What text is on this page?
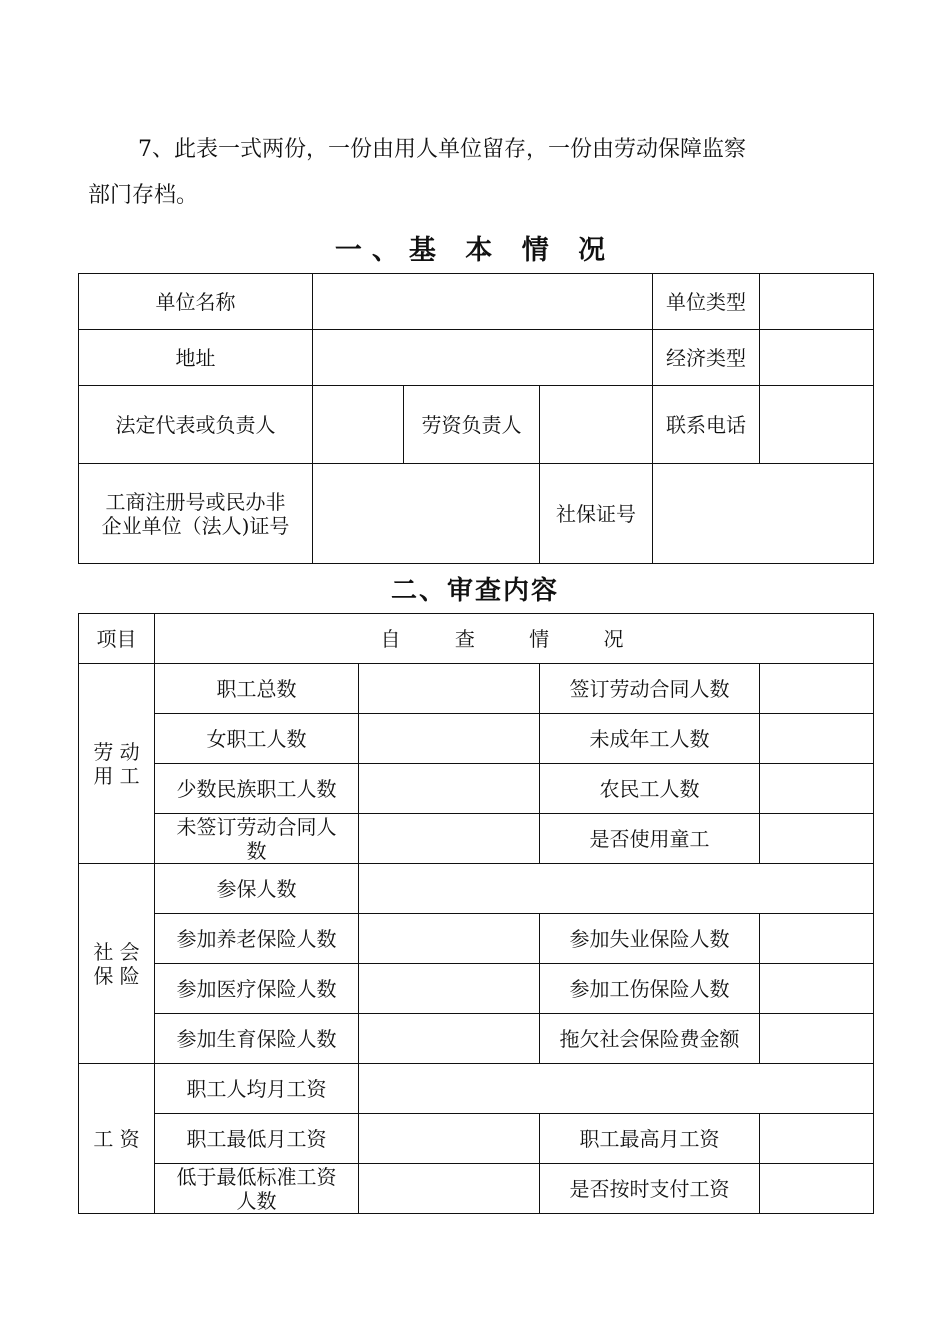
7、此表一式两份，一份由用人单位留存，一份由劳动保障监察
部门存档。
一、基 本 情 况
单位名称				单位类型	
地址				经济类型	
法定代表或负责人		劳资负责人		联系电话	

工商注册号或民办非
企业单位（法人)证号			社保证号		
二、审查内容
项目	自 查 情 况			

劳 动
用 工	职工总数		签订劳动合同人数	
	女职工人数		未成年工人数	
	少数民族职工人数		农民工人数	

	未签订劳动合同人
数		是否使用童工	

社 会
保 险	参保人数			
	参加养老保险人数		参加失业保险人数	
	参加医疗保险人数		参加工伤保险人数	
	参加生育保险人数		拖欠社会保险费金额	
工 资	职工人均月工资			
	职工最低月工资		职工最高月工资	

	低于最低标准工资
人数		是否按时支付工资	
